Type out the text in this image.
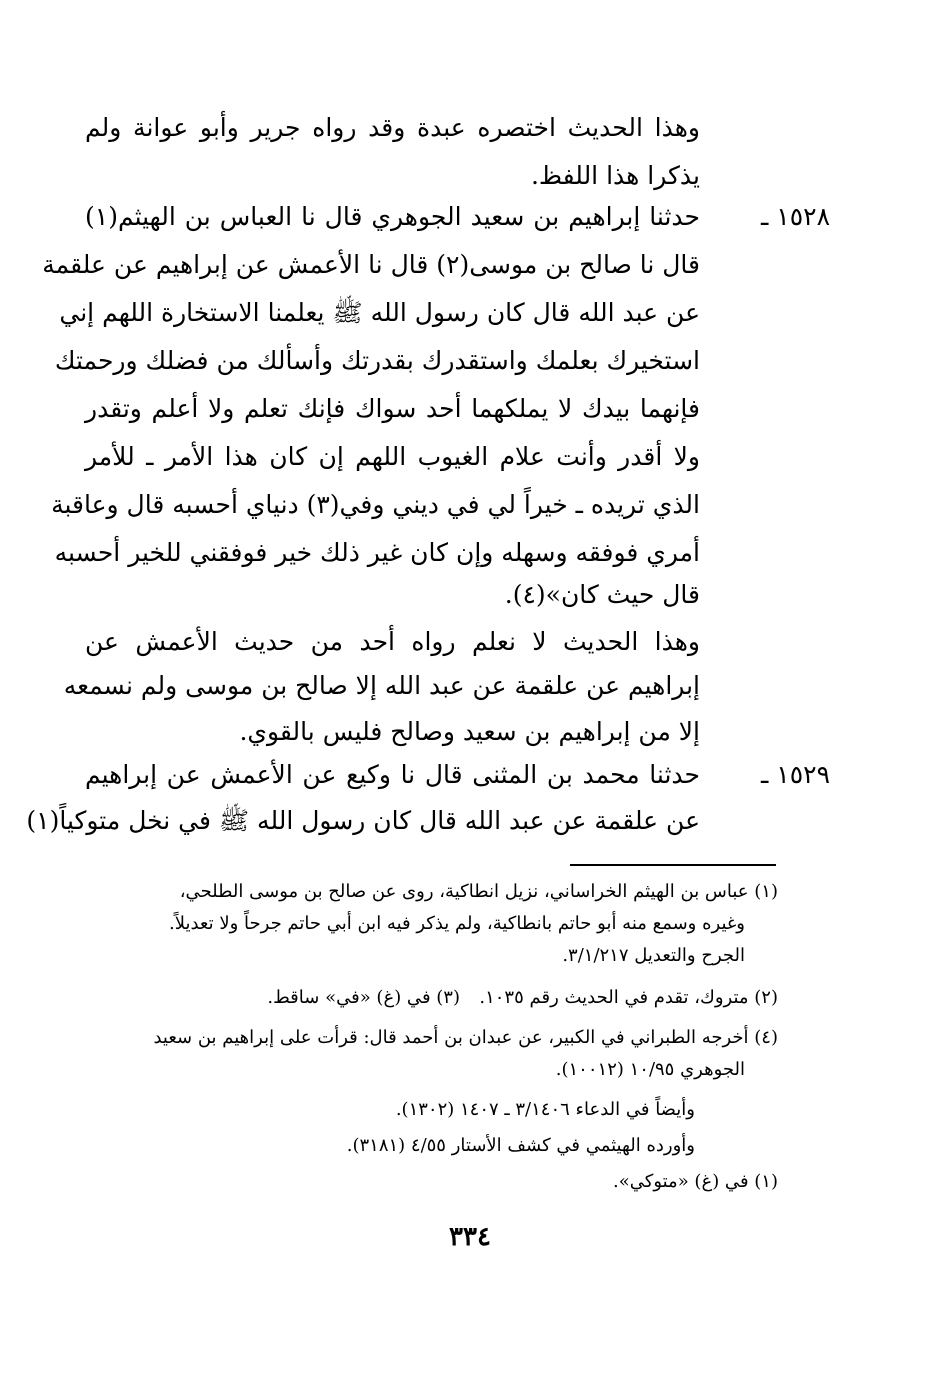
وهذا الحديث اختصره عبدة وقد رواه جرير وأبو عوانة ولم
يذكرا هذا اللفظ.
١٥٢٨ ـ
حدثنا إبراهيم بن سعيد الجوهري قال نا العباس بن الهيثم(١)
قال نا صالح بن موسى(٢) قال نا الأعمش عن إبراهيم عن علقمة
عن عبد الله قال كان رسول الله ﷺ يعلمنا الاستخارة اللهم إني
استخيرك بعلمك واستقدرك بقدرتك وأسألك من فضلك ورحمتك
فإنهما بيدك لا يملكهما أحد سواك فإنك تعلم ولا أعلم وتقدر
ولا أقدر وأنت علام الغيوب اللهم إن كان هذا الأمر ـ للأمر
الذي تريده ـ خيراً لي في ديني وفي(٣) دنياي أحسبه قال وعاقبة
أمري فوفقه وسهله وإن كان غير ذلك خير فوفقني للخير أحسبه
قال حيث كان»(٤).
وهذا الحديث لا نعلم رواه أحد من حديث الأعمش عن
إبراهيم عن علقمة عن عبد الله إلا صالح بن موسى ولم نسمعه
إلا من إبراهيم بن سعيد وصالح فليس بالقوي.
١٥٢٩ ـ
حدثنا محمد بن المثنى قال نا وكيع عن الأعمش عن إبراهيم
عن علقمة عن عبد الله قال كان رسول الله ﷺ في نخل متوكياً(١)
(١) عباس بن الهيثم الخراساني، نزيل انطاكية، روى عن صالح بن موسى الطلحي،
وغيره وسمع منه أبو حاتم بانطاكية، ولم يذكر فيه ابن أبي حاتم جرحاً ولا تعديلاً.
الجرح والتعديل ٣/١/٢١٧.
(٢) متروك، تقدم في الحديث رقم ١٠٣٥.
(٣) في (غ) «في» ساقط.
(٤) أخرجه الطبراني في الكبير، عن عبدان بن أحمد قال: قرأت على إبراهيم بن سعيد
الجوهري ١٠/٩٥ (١٠٠١٢).
وأيضاً في الدعاء ٣/١٤٠٦ ـ ١٤٠٧ (١٣٠٢).
وأورده الهيثمي في كشف الأستار ٤/٥٥ (٣١٨١).
(١) في (غ) «متوكي».
٣٣٤
